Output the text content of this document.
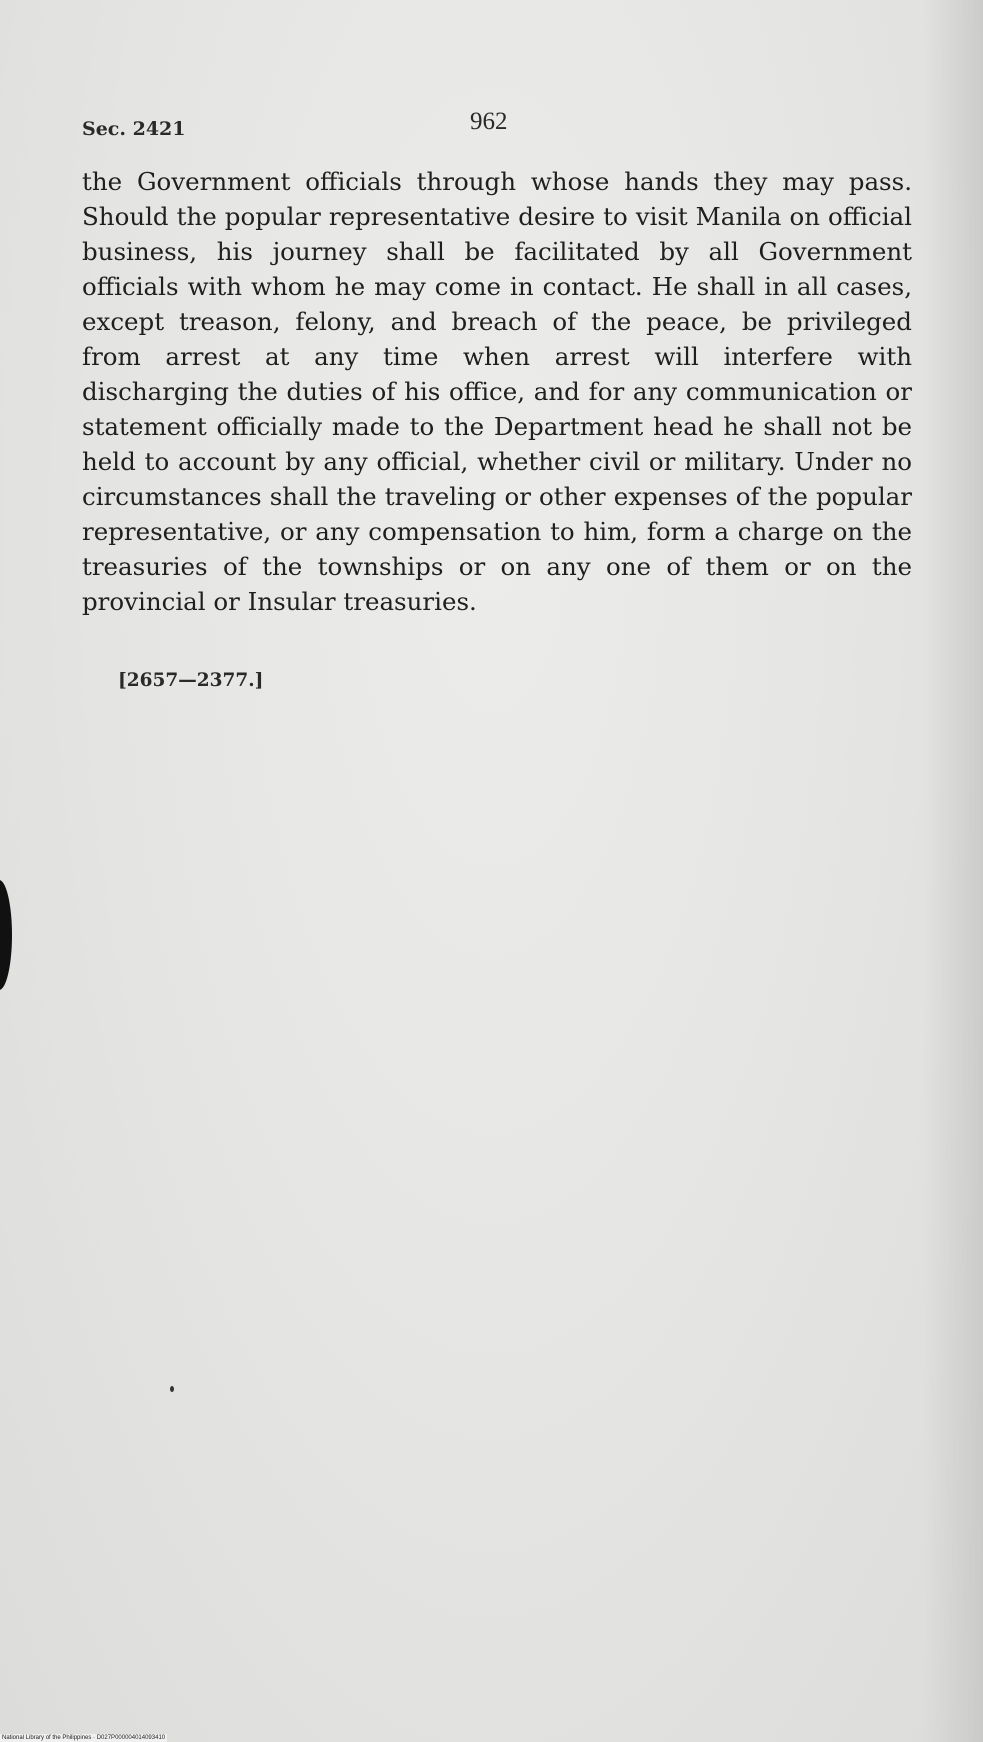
Sec. 2421	962

the Government officials through whose hands they may pass. Should the popular representative desire to visit Manila on official business, his journey shall be facilitated by all Government officials with whom he may come in contact. He shall in all cases, except treason, felony, and breach of the peace, be privileged from arrest at any time when arrest will interfere with discharging the duties of his office, and for any communication or statement officially made to the Department head he shall not be held to account by any official, whether civil or military. Under no circumstances shall the traveling or other expenses of the popular representative, or any compensation to him, form a charge on the treasuries of the townships or on any one of them or on the provincial or Insular treasuries.

[2657—2377.]
National Library of the Philippines · D027P000004014093410
